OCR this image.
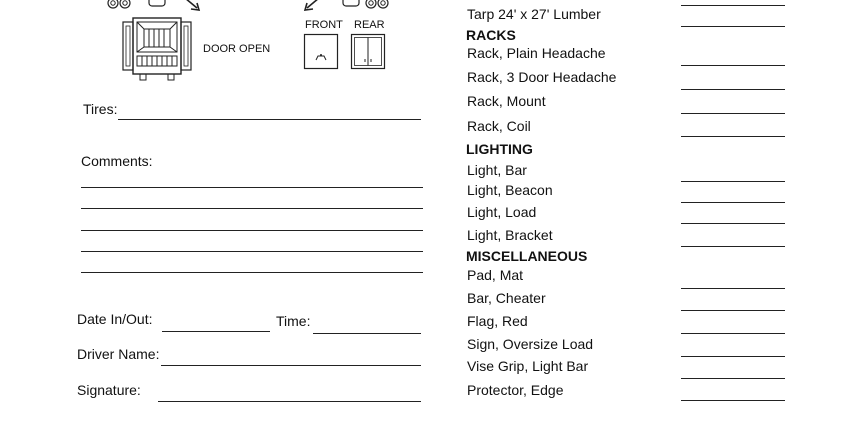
DOOR OPEN
FRONT REAR
Tires:
Comments:
Date In/Out:	Time:
Driver Name:
Signature:
Tarp 24' x 27' Lumber
RACKS
Rack, Plain Headache
Rack, 3 Door Headache
Rack, Mount
Rack, Coil
LIGHTING
Light, Bar
Light, Beacon
Light, Load
Light, Bracket
MISCELLANEOUS
Pad, Mat
Bar, Cheater
Flag, Red
Sign, Oversize Load
Vise Grip, Light Bar
Protector, Edge
